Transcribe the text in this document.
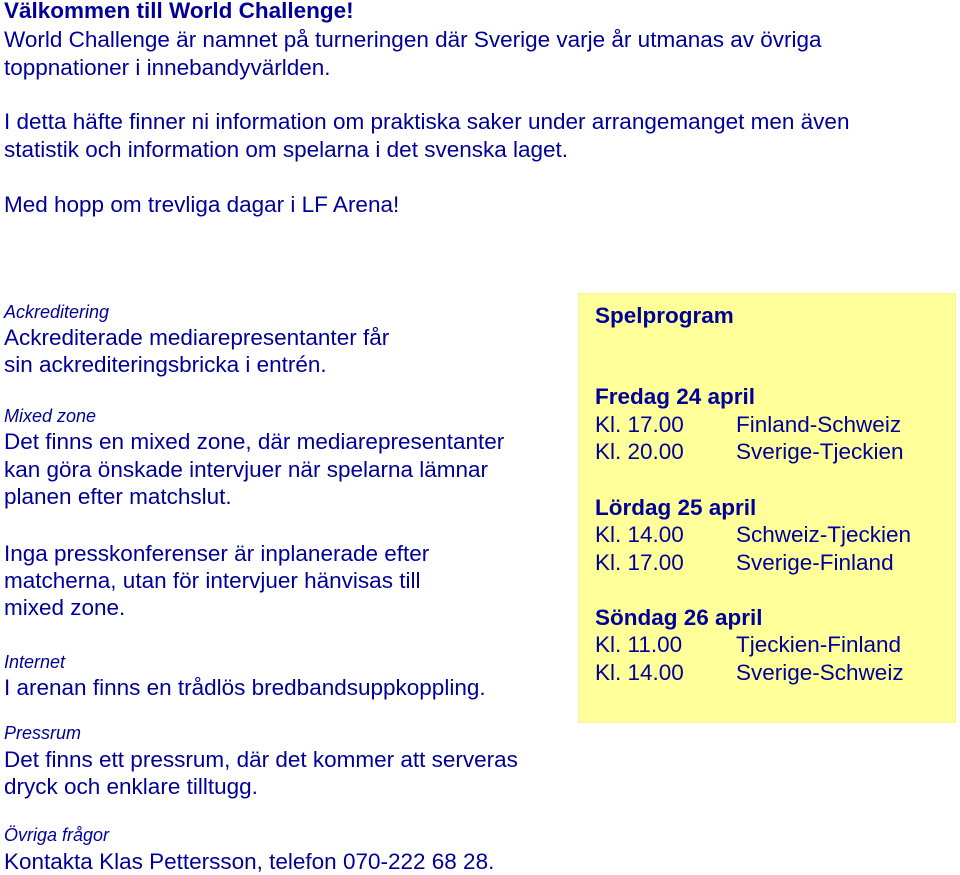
Välkommen till World Challenge!
World Challenge är namnet på turneringen där Sverige varje år utmanas av övriga
toppnationer i innebandyvärlden.
I detta häfte finner ni information om praktiska saker under arrangemanget men även
statistik och information om spelarna i det svenska laget.
Med hopp om trevliga dagar i LF Arena!
Ackreditering
Ackrediterade mediarepresentanter får
sin ackrediteringsbricka i entrén.
Mixed zone
Det finns en mixed zone, där mediarepresentanter
kan göra önskade intervjuer när spelarna lämnar
planen efter matchslut.
Inga presskonferenser är inplanerade efter
matcherna, utan för intervjuer hänvisas till
mixed zone.
Internet
I arenan finns en trådlös bredbandsuppkoppling.
Pressrum
Det finns ett pressrum, där det kommer att serveras
dryck och enklare tilltugg.
Övriga frågor
Kontakta Klas Pettersson, telefon 070-222 68 28.
Spelprogram
Fredag 24 april
Kl. 17.00 Finland-Schweiz
Kl. 20.00 Sverige-Tjeckien
Lördag 25 april
Kl. 14.00 Schweiz-Tjeckien
Kl. 17.00 Sverige-Finland
Söndag 26 april
Kl. 11.00 Tjeckien-Finland
Kl. 14.00 Sverige-Schweiz
